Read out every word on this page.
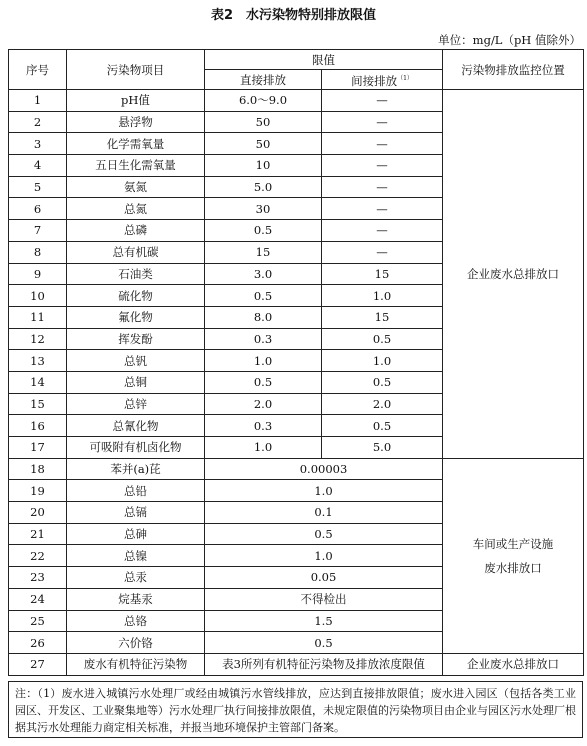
表2　水污染物特别排放限值
单位：mg/L（pH 值除外）
序号	污染物项目	限值		污染物排放监控位置
		直接排放	间接排放$^{(1)}$
1	pH值	6.0～9.0	—	企业废水总排放口
2	悬浮物	50	—	
3	化学需氧量	50	—	
4	五日生化需氧量	10	—	
5	氨氮	5.0	—	
6	总氮	30	—	
7	总磷	0.5	—	
8	总有机碳	15	—	
9	石油类	3.0	15	
10	硫化物	0.5	1.0	
11	氟化物	8.0	15	
12	挥发酚	0.3	0.5	
13	总钒	1.0	1.0	
14	总铜	0.5	0.5	
15	总锌	2.0	2.0	
16	总氰化物	0.3	0.5	
17	可吸附有机卤化物	1.0	5.0	
18	苯并(a)芘	0.00003		车间或生产设施
废水排放口

19	总铅	1.0		
20	总镉	0.1		
21	总砷	0.5		
22	总镍	1.0		
23	总汞	0.05		
24	烷基汞	不得检出		
25	总铬	1.5		
26	六价铬	0.5		
27	废水有机特征污染物	表3所列有机特征污染物及排放浓度限值		企业废水总排放口
注：（1）废水进入城镇污水处理厂或经由城镇污水管线排放，应达到直接排放限值；废水进入园区（包括各类工业园区、开发区、工业聚集地等）污水处理厂执行间接排放限值，未规定限值的污染物项目由企业与园区污水处理厂根据其污水处理能力商定相关标准，并报当地环境保护主管部门备案。
